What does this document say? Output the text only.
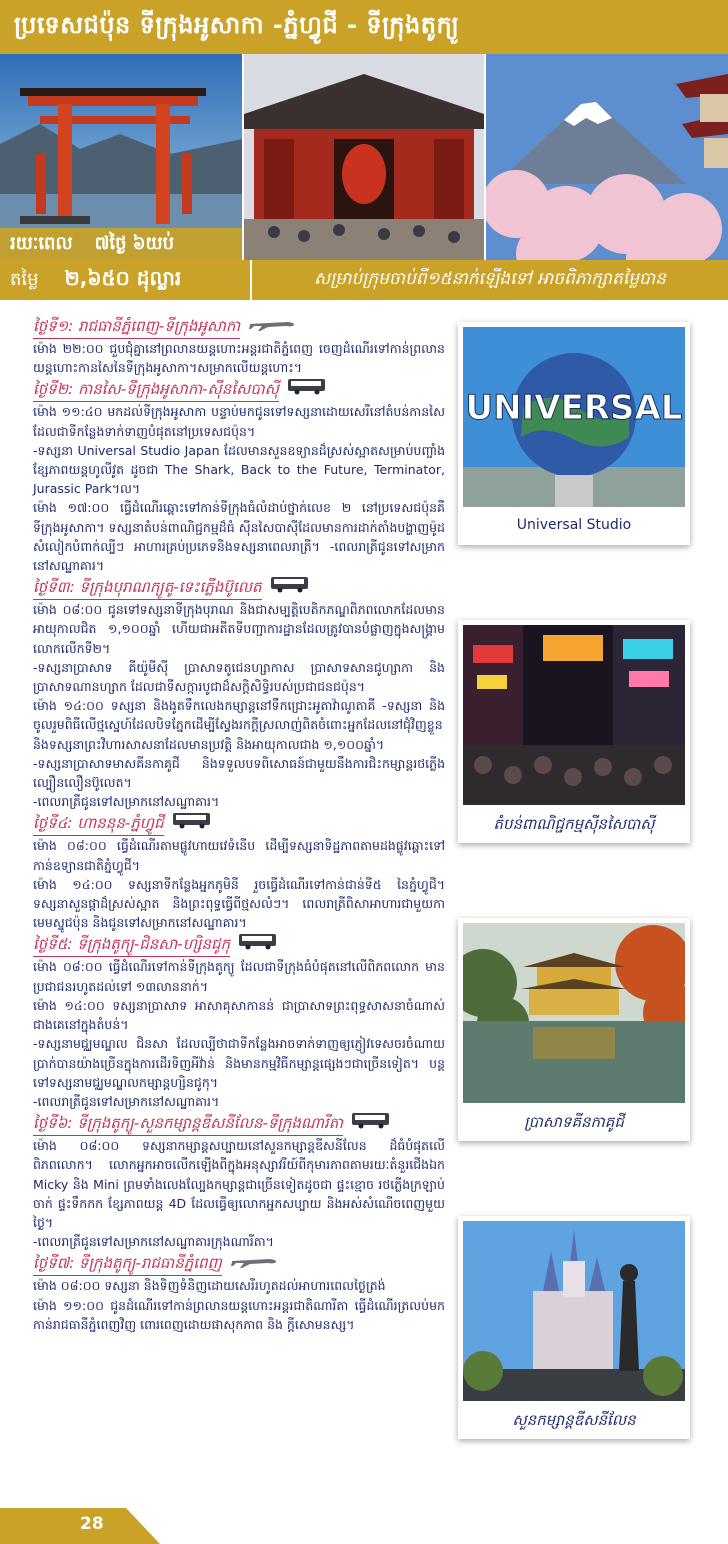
ប្រទេសជប៉ុន ទីក្រុងអូសាកា -ភ្នំហ្វូជី - ទីក្រុងតូក្យូ
រយៈពេល ៧ថ្ងៃ ៦យប់
តម្លៃ ២,៦៥០ ដុល្លារ	សម្រាប់ក្រុមចាប់ពី១៥នាក់ឡើងទៅ អាចពិភាក្សាតម្លៃបាន
ថ្ងៃទី១: រាជធានីភ្នំពេញ-ទីក្រុងអូសាកា
ម៉ោង ២២:០០ ជួបជុំគ្នានៅព្រលានយន្តហោះអន្តរជាតិភ្នំពេញ ចេញដំណើរទៅកាន់ព្រលានយន្តហោះកានសៃនៃទីក្រុងអូសាកា។សម្រាកលើយន្តហោះ។
ថ្ងៃទី២: កានសៃ-ទីក្រុងអូសាកា-ស៊ីនសៃបាស៊ី
ម៉ោង ១១:៤០ មកដល់ទីក្រុងអូសាកា បន្ទាប់មកជូនទៅទស្សនាដោយសេរីនៅតំបន់កានសៃដែលជាទីកន្លែងទាក់ទាញបំផុតនៅប្រទេសជប៉ុន។
-ទស្សនា Universal Studio Japan ដែលមានសួនឧទ្យានដ៏ស្រស់ស្អាតសម្រាប់បញ្ចាំងខ្សែភាពយន្តហូលីវូត ដូចជា The Shark, Back to the Future, Terminator, Jurassic Park។ល។
ម៉ោង ១៧:០០ ធ្វើដំណើរឆ្ពោះទៅកាន់ទីក្រុងធំលំដាប់ថ្នាក់លេខ ២ នៅប្រទេសជប៉ុនគឺទីក្រុងអូសាកា។ ទស្សនាតំបន់ពាណិជ្ជកម្មដ៏ធំ ស៊ីនសៃបាស៊ីដែលមានការដាក់តាំងបង្ហាញម៉ូដសំលៀកបំពាក់ល្បីៗ អាហារគ្រប់ប្រភេទនិងទស្សនាពេលរាត្រី។ -ពេលរាត្រីជូនទៅសម្រាកនៅសណ្ឋាគារ។
ថ្ងៃទី៣: ទីក្រុងបុរាណក្យូតូ-ទេះភ្លើងប៊ូលេត
ម៉ោង ០៨:០០ ជូនទៅទស្សនាទីក្រុងបុរាណ និងជាសម្បត្តិបេតិកភណ្ឌពិភពលោកដែលមានអាយុកាលជិត ១,១០០ឆ្នាំ ហើយជាអតីតទីបញ្ជាការដ្ឋានដែលត្រូវបានបំផ្លាញក្នុងសង្គ្រាមលោកលើកទី២។
-ទស្សនាប្រាសាទ គីយ៉ូមីស៊ី ប្រាសាទតូជេនហ្សាកាស ប្រាសាទសានជូហ្សាកា និងប្រាសាទណានហ្សាក ដែលជាទីសក្ការបូជាដ៏សក្តិសិទ្ធិរបស់ប្រជាជនជប៉ុន។
ម៉ោង ១៤:០០ ទស្សនា និងងូតទឹកលេងកម្សាន្តនៅទឹកជ្រោះអូតាវ៉ាណូតាគី -ទស្សនា និងចូលរួមពិធីលើថ្មស្នេហ៍ដែលបិទភ្នែកដើម្បីស្វែងរកក្ដីស្រលាញ់ពិតចំពោះអ្នកដែលនៅជុំវិញខ្លួន និងទស្សនាព្រះវិហារសាសនាដែលមានប្រវត្តិ និងអាយុកាលជាង ១,១០០ឆ្នាំ។
-ទស្សនាប្រាសាទមាសគីនកាគូជី និងទទួលបទពិសោធន៍ជាមួយនឹងការជិះកម្សាន្តរថភ្លើងល្បឿនលឿនប៊ូលេត។
-ពេលរាត្រីជូនទៅសម្រាកនៅសណ្ឋាគារ។
ថ្ងៃទី៤: ហាននុន-ភ្នំហ្វូជី
ម៉ោង ០៨:០០ ធ្វើដំណើរតាមផ្លូវហាយវេទំនើប ដើម្បីទស្សនាទិដ្ឋភាពតាមដងផ្លូវឆ្ពោះទៅកាន់ឧទ្យានជាតិភ្នំហ្វូជី។
ម៉ោង ១៤:០០ ទស្សនាទីកន្លែងអ្នកភូមិនី រួចធ្វើដំណើរទៅកាន់ជាន់ទី៥ នៃភ្នំហ្វូជី។ ទស្សនាសួនផ្កាដ៏ស្រស់ស្អាត និងព្រះពុទ្ធធ្វើពីថ្មសលំៗ។ ពេលរាត្រីពិសាអាហារជាមួយកាមេមស្នូជប៉ុន និងជូនទៅសម្រាកនៅសណ្ឋាគារ។
ថ្ងៃទី៥: ទីក្រុងតូក្យូ-ជិនសា-ហ្សិនជូកុ
ម៉ោង ០៨:០០ ធ្វើដំណើរទៅកាន់ទីក្រុងតូក្យូ ដែលជាទីក្រុងធំបំផុតនៅលើពិភពលោក មានប្រជាជនរហូតដល់ទៅ ១៣លាននាក់។
ម៉ោង ១៤:០០ ទស្សនាប្រាសាទ អាសាគុសាកានន់ ជាប្រាសាទព្រះពុទ្ធសាសនាចំណាស់ជាងគេនៅក្នុងតំបន់។
-ទស្សនាមជ្ឈមណ្ឌល ជិនសា ដែលល្បីថាជាទីកន្លែងអាចទាក់ទាញឲ្យភ្ញៀវទេសចរចំណាយប្រាក់បានយ៉ាងច្រើនក្នុងការដើរទិញអីវ៉ាន់ និងមានកម្មវិធីកម្សាន្តផ្សេងៗជាច្រើនទៀត។ បន្តទៅទស្សនាមជ្ឈមណ្ឌលកម្សាន្តហ្សិនជូកុ។
-ពេលរាត្រីជូនទៅសម្រាកនៅសណ្ឋាគារ។
ថ្ងៃទី៦: ទីក្រុងតូក្យូ-សួនកម្សាន្តឌីសនីលែន-ទីក្រុងណារីតា
ម៉ោង ០៨:០០ ទស្សនាកម្សាន្តសប្បាយនៅសួនកម្សាន្តឌីសនីលែន ដ៏ធំបំផុតលើពិភពលោក។ លោកអ្នកអាចលើកឡើងពីក្នុងអនុស្សាវរីយ៍ពីកុមារភាពតាមរយៈតំនួរជើងឯក Micky និង Mini ព្រមទាំងលេងល្បែងកម្សាន្តជាច្រើនទៀតដូចជា ផ្ទះខ្មោច រថភ្លើងក្រឡាប់ចាក់ ផ្ទះទឹកកក ខ្សែភាពយន្ត 4D ដែលធ្វើឲ្យលោកអ្នកសប្បាយ និងអស់សំណើចពេញមួយថ្ងៃ។
-ពេលរាត្រីជូនទៅសម្រាកនៅសណ្ឋាគារក្រុងណារីតា។
ថ្ងៃទី៧: ទីក្រុងតូក្យូ-រាជធានីភ្នំពេញ
ម៉ោង ០៨:០០ ទស្សនា និងទិញទំនិញដោយសេរីរហូតដល់អាហារពេលថ្ងៃត្រង់
ម៉ោង ១១:០០ ជូនដំណើរទៅកាន់ព្រលានយន្តហោះអន្តរជាតិណារីតា ធ្វើដំណើរត្រលប់មកកាន់រាជធានីភ្នំពេញវិញ ពោរពេញដោយផាសុកភាព និង ក្ដីសោមនស្ស។
UNIVERSAL
Universal Studio
តំបន់ពាណិជ្ជកម្មស៊ីនសៃបាស៊ី
ប្រាសាទគីនកាគូជី
សួនកម្សាន្តឌីសនីលែន
28
